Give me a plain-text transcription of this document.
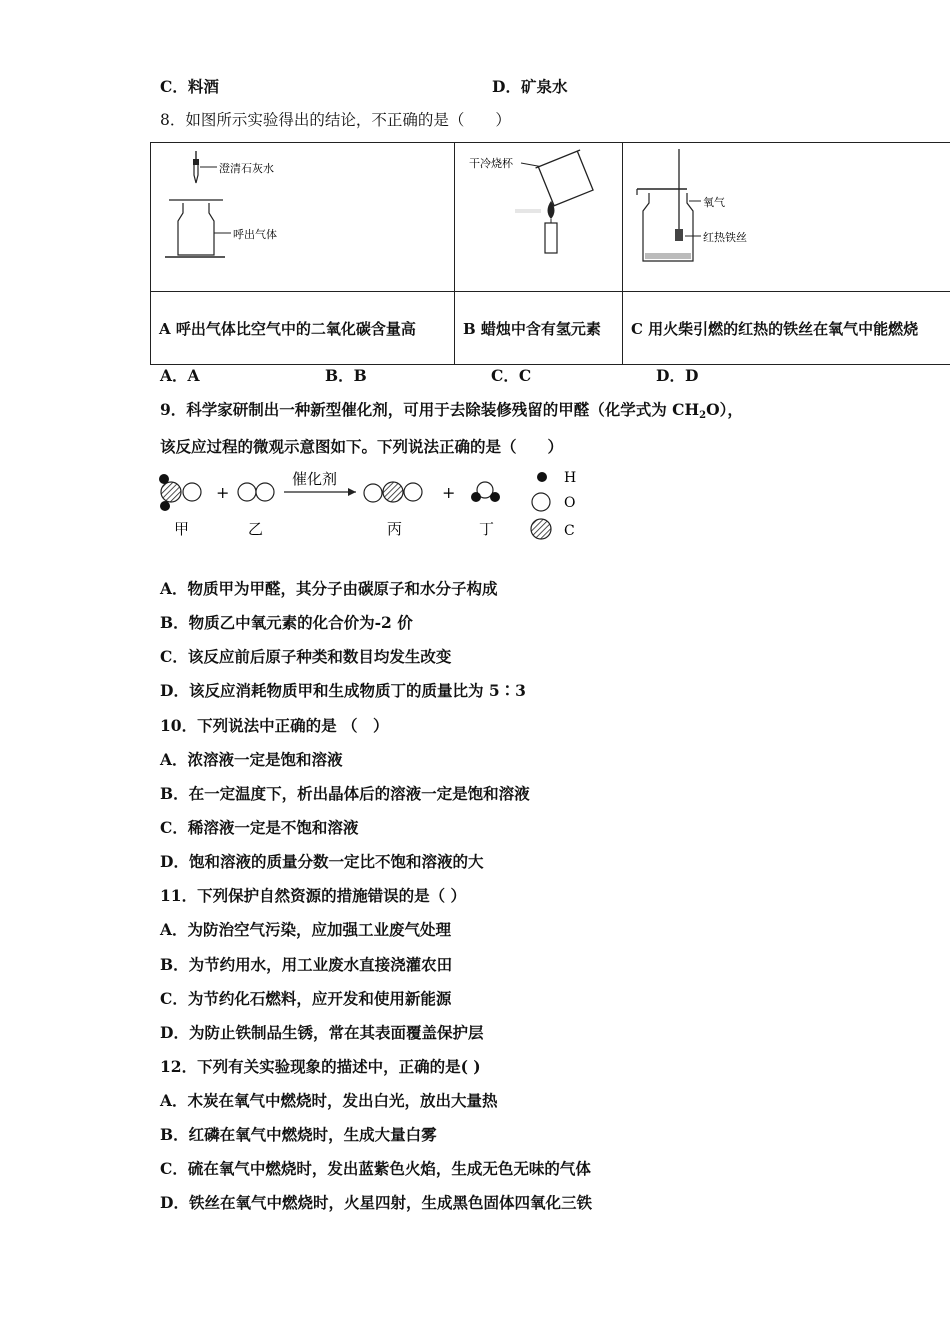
C．料酒	D．矿泉水
8．如图所示实验得出的结论，不正确的是（　　）
澄清石灰水
呼出气体	干冷烧杯	氧气
红热铁丝

A 呼出气体比空气中的二氧化碳含量高	B 蜡烛中含有氢元素	C 用火柴引燃的红热的铁丝在氧气中能燃烧
A．A	B．B	C．C	D．D
9．科学家研制出一种新型催化剂，可用于去除装修残留的甲醛（化学式为 $CH_2O$），
该反应过程的微观示意图如下。下列说法正确的是（　　）
+
催化剂
+
甲	乙	丙	丁
H
O
C
A．物质甲为甲醛，其分子由碳原子和水分子构成
B．物质乙中氧元素的化合价为-2 价
C．该反应前后原子种类和数目均发生改变
D．该反应消耗物质甲和生成物质丁的质量比为 5∶3
10．下列说法中正确的是 （　）
A．浓溶液一定是饱和溶液
B．在一定温度下，析出晶体后的溶液一定是饱和溶液
C．稀溶液一定是不饱和溶液
D．饱和溶液的质量分数一定比不饱和溶液的大
11．下列保护自然资源的措施错误的是（ ）
A．为防治空气污染，应加强工业废气处理
B．为节约用水，用工业废水直接浇灌农田
C．为节约化石燃料，应开发和使用新能源
D．为防止铁制品生锈，常在其表面覆盖保护层
12．下列有关实验现象的描述中，正确的是( )
A．木炭在氧气中燃烧时，发出白光，放出大量热
B．红磷在氧气中燃烧时，生成大量白雾
C．硫在氧气中燃烧时，发出蓝紫色火焰，生成无色无味的气体
D．铁丝在氧气中燃烧时，火星四射，生成黑色固体四氧化三铁
